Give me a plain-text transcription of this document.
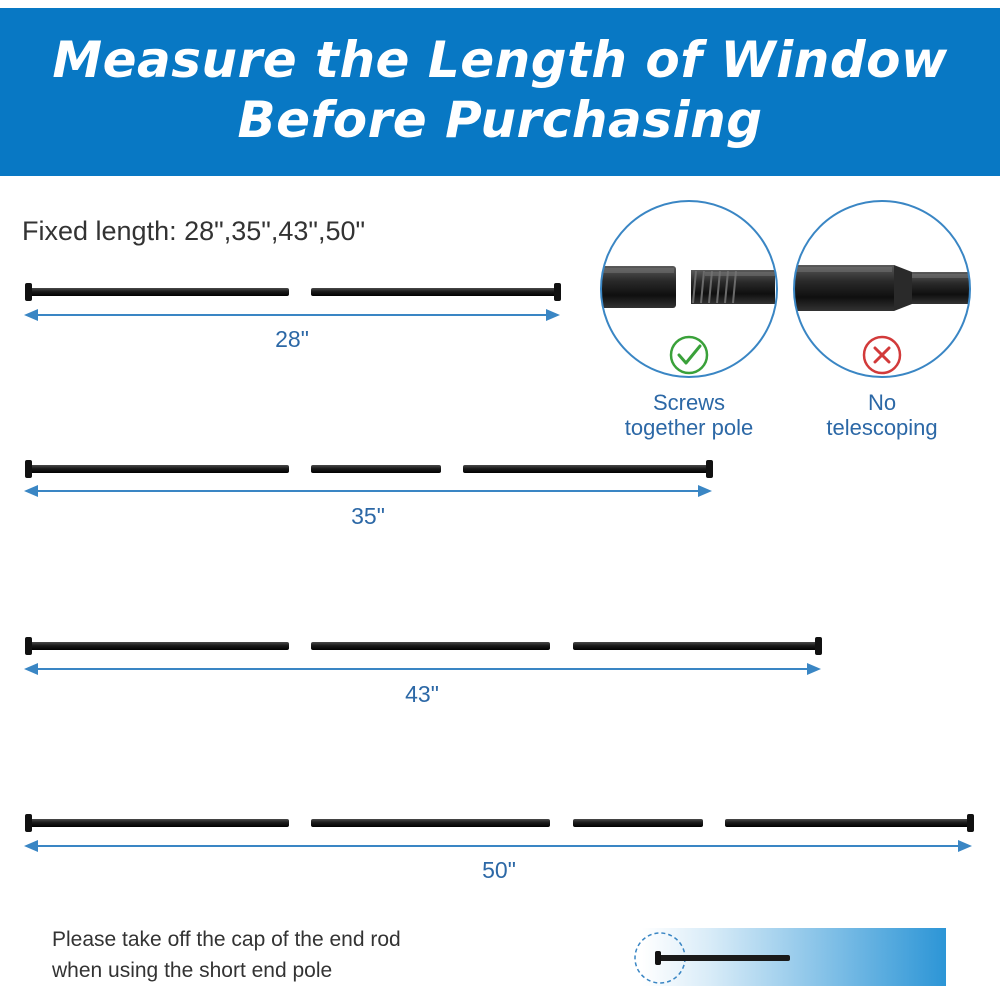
Measure the Length of Window
Before Purchasing
Fixed length: 28",35",43",50"
28"
35"
43"
50"
Screws
together pole
No
telescoping
Please take off the cap of the end rod
when using the short end pole
